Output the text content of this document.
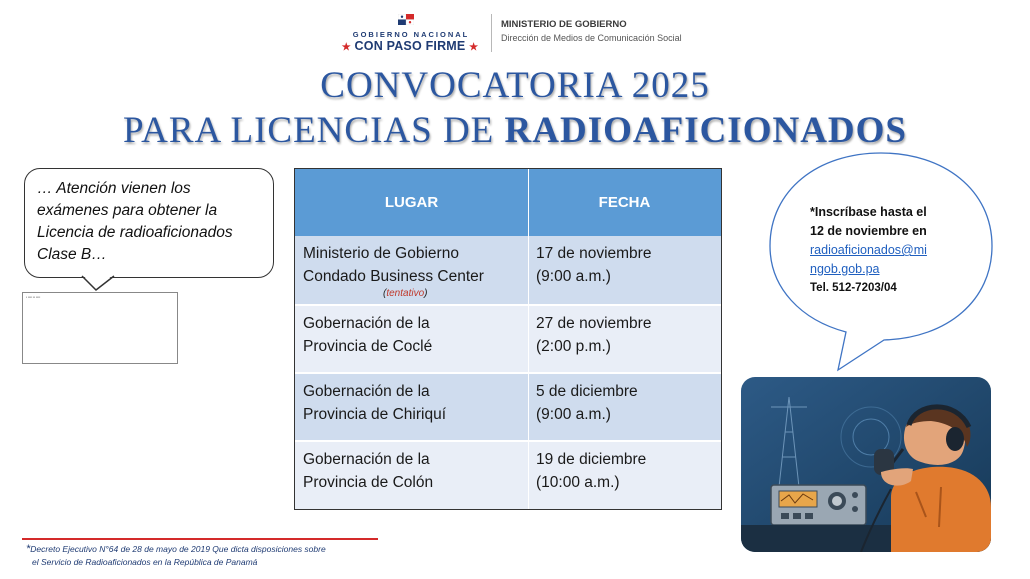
GOBIERNO NACIONAL
★ CON PASO FIRME ★
MINISTERIO DE GOBIERNO
Dirección de Medios de Comunicación Social
CONVOCATORIA 2025
PARA LICENCIAS DE RADIOAFICIONADOS
… Atención vienen los
exámenes para obtener la
Licencia de radioaficionados
Clase B…
▪ ▪▪▪▪ ▪▪ ▪▪▪▪
LUGAR	FECHA
Ministerio de Gobierno
Condado Business Center
(tentativo)
17 de noviembre
(9:00 a.m.)
Gobernación de la
Provincia de Coclé
27 de noviembre
(2:00 p.m.)
Gobernación de la
Provincia de Chiriquí
5 de diciembre
(9:00 a.m.)
Gobernación de la
Provincia de Colón
19 de diciembre
(10:00 a.m.)
*Inscríbase hasta el
12 de noviembre en
radioaficionados@mi
ngob.gob.pa
Tel. 512-7203/04
*Decreto Ejecutivo N°64 de 28 de mayo de 2019 Que dicta disposiciones sobre
el Servicio de Radioaficionados en la República de Panamá
